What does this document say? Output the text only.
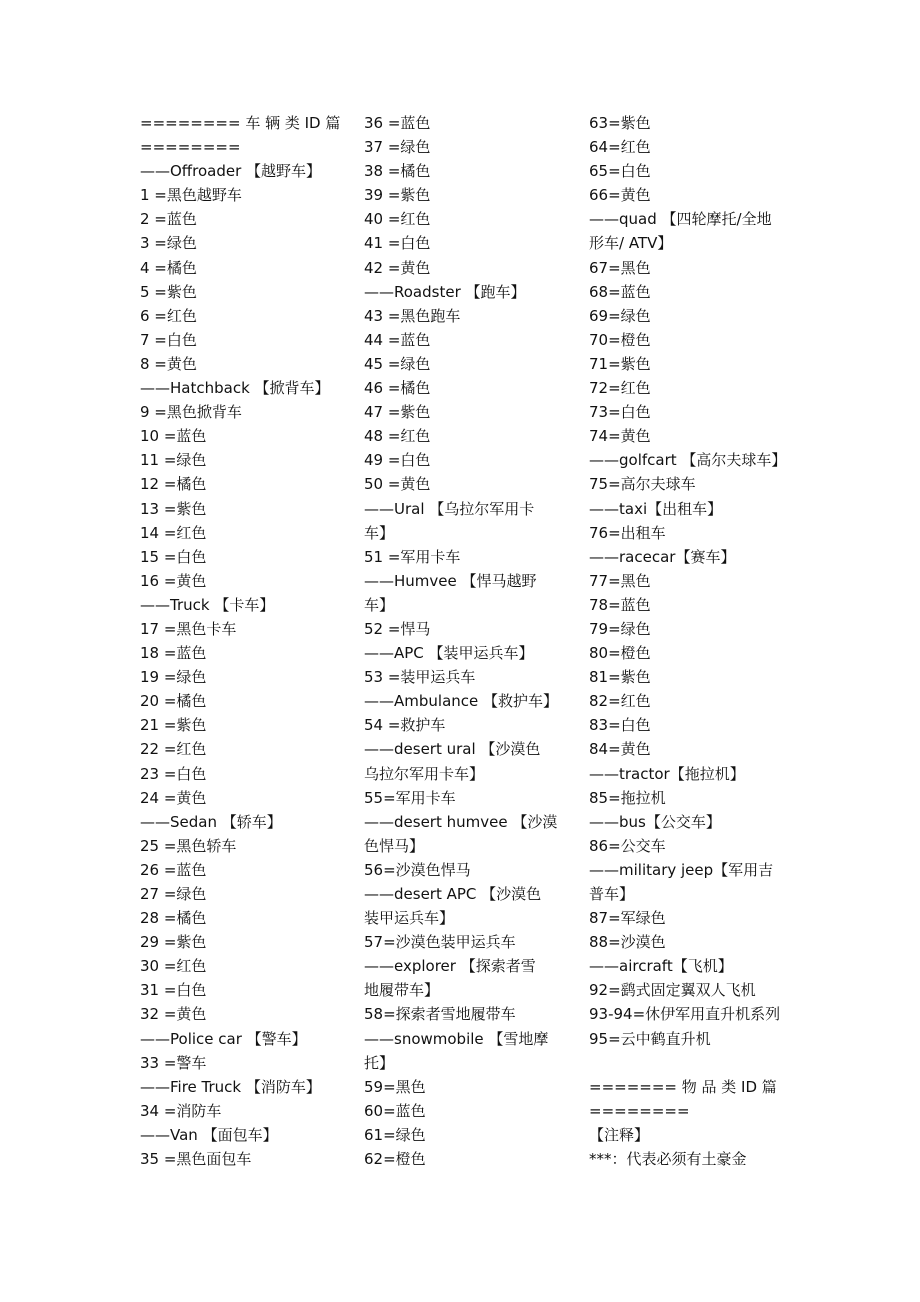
======== 车 辆 类 ID 篇
========
——Offroader 【越野车】
1 =黑色越野车
2 =蓝色
3 =绿色
4 =橘色
5 =紫色
6 =红色
7 =白色
8 =黄色
——Hatchback 【掀背车】
9 =黑色掀背车
10 =蓝色
11 =绿色
12 =橘色
13 =紫色
14 =红色
15 =白色
16 =黄色
——Truck 【卡车】
17 =黑色卡车
18 =蓝色
19 =绿色
20 =橘色
21 =紫色
22 =红色
23 =白色
24 =黄色
——Sedan 【轿车】
25 =黑色轿车
26 =蓝色
27 =绿色
28 =橘色
29 =紫色
30 =红色
31 =白色
32 =黄色
——Police car 【警车】
33 =警车
——Fire Truck 【消防车】
34 =消防车
——Van 【面包车】
35 =黑色面包车
36 =蓝色
37 =绿色
38 =橘色
39 =紫色
40 =红色
41 =白色
42 =黄色
——Roadster 【跑车】
43 =黑色跑车
44 =蓝色
45 =绿色
46 =橘色
47 =紫色
48 =红色
49 =白色
50 =黄色
——Ural 【乌拉尔军用卡
车】
51 =军用卡车
——Humvee 【悍马越野
车】
52 =悍马
——APC 【装甲运兵车】
53 =装甲运兵车
——Ambulance 【救护车】
54 =救护车
——desert ural 【沙漠色
乌拉尔军用卡车】
55=军用卡车
——desert humvee 【沙漠
色悍马】
56=沙漠色悍马
——desert APC 【沙漠色
装甲运兵车】
57=沙漠色装甲运兵车
——explorer 【探索者雪
地履带车】
58=探索者雪地履带车
——snowmobile 【雪地摩
托】
59=黑色
60=蓝色
61=绿色
62=橙色
63=紫色
64=红色
65=白色
66=黄色
——quad 【四轮摩托/全地
形车/ ATV】
67=黑色
68=蓝色
69=绿色
70=橙色
71=紫色
72=红色
73=白色
74=黄色
——golfcart 【高尔夫球车】
75=高尔夫球车
——taxi【出租车】
76=出租车
——racecar【赛车】
77=黑色
78=蓝色
79=绿色
80=橙色
81=紫色
82=红色
83=白色
84=黄色
——tractor【拖拉机】
85=拖拉机
——bus【公交车】
86=公交车
——military jeep【军用吉
普车】
87=军绿色
88=沙漠色
——aircraft【飞机】
92=鹞式固定翼双人飞机
93-94=休伊军用直升机系列
95=云中鹤直升机
======= 物 品 类 ID 篇
========
【注释】
***：代表必须有土豪金
